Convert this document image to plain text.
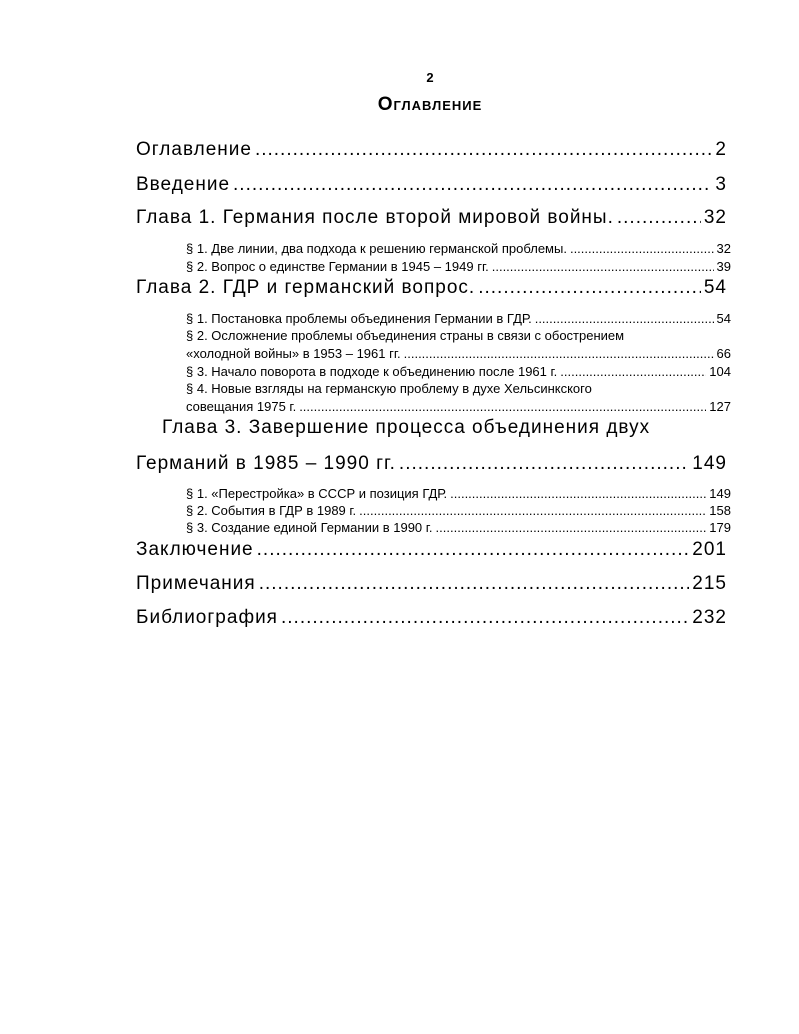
2
Оглавление
Оглавление .....	2
Введение .....	3
Глава 1. Германия после второй мировой войны. .....	32
§ 1. Две линии, два подхода к решению германской проблемы. .....	32
§ 2. Вопрос о единстве Германии в 1945 – 1949 гг. .....	39
Глава 2. ГДР и германский вопрос. .....	54
§ 1. Постановка проблемы объединения Германии в ГДР. .....	54
§ 2. Осложнение проблемы объединения страны в связи с обострением
«холодной войны» в 1953 – 1961 гг. .....	66
§ 3. Начало поворота в подходе к объединению после 1961 г. .....	104
§ 4. Новые взгляды на германскую проблему в духе Хельсинкского
совещания 1975 г. .....	127
Глава 3. Завершение процесса объединения двух
Германий в 1985 – 1990 гг. .....	149
§ 1. «Перестройка» в СССР и позиция ГДР. .....	149
§ 2. События в ГДР в 1989 г. .....	158
§ 3. Создание единой Германии в 1990 г. .....	179
Заключение .....	201
Примечания .....	215
Библиография .....	232
